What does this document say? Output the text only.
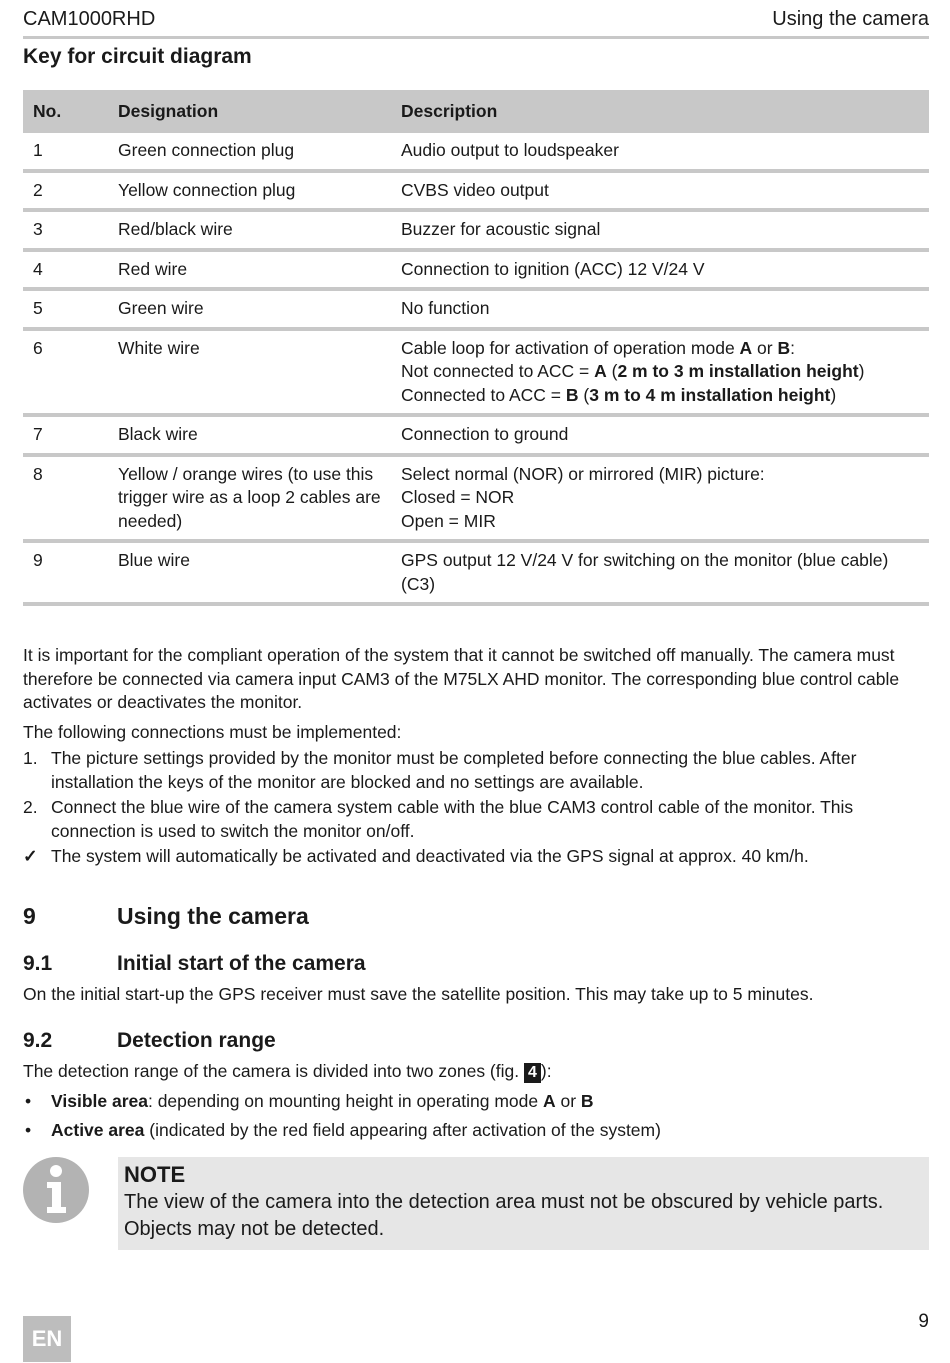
CAM1000RHD	Using the camera
Key for circuit diagram
No.	Designation	Description
1	Green connection plug	Audio output to loudspeaker
2	Yellow connection plug	CVBS video output
3	Red/black wire	Buzzer for acoustic signal
4	Red wire	Connection to ignition (ACC) 12 V/24 V
5	Green wire	No function
6	White wire	Cable loop for activation of operation mode A or B:
Not connected to ACC = A (2 m to 3 m installation height)
Connected to ACC = B (3 m to 4 m installation height)

7	Black wire	Connection to ground
8	Yellow / orange wires (to use this trigger wire as a loop 2 cables are needed)	Select normal (NOR) or mirrored (MIR) picture:
Closed = NOR
Open = MIR

9	Blue wire	GPS output 12 V/24 V for switching on the monitor (blue cable) (C3)

It is important for the compliant operation of the system that it cannot be switched off manually. The camera must therefore be connected via camera input CAM3 of the M75LX AHD monitor. The corresponding blue control cable activates or deactivates the monitor.

The following connections must be implemented:

1. The picture settings provided by the monitor must be completed before connecting the blue cables. After installation the keys of the monitor are blocked and no settings are available.
2. Connect the blue wire of the camera system cable with the blue CAM3 control cable of the monitor. This connection is used to switch the monitor on/off.
✓ The system will automatically be activated and deactivated via the GPS signal at approx. 40 km/h.
9	Using the camera
9.1	Initial start of the camera

On the initial start-up the GPS receiver must save the satellite position. This may take up to 5 minutes.

9.2	Detection range

The detection range of the camera is divided into two zones (fig. 4 ):

• Visible area: depending on mounting height in operating mode A or B
• Active area (indicated by the red field appearing after activation of the system)
NOTE
The view of the camera into the detection area must not be obscured by vehicle parts. Objects may not be detected.
EN
9
